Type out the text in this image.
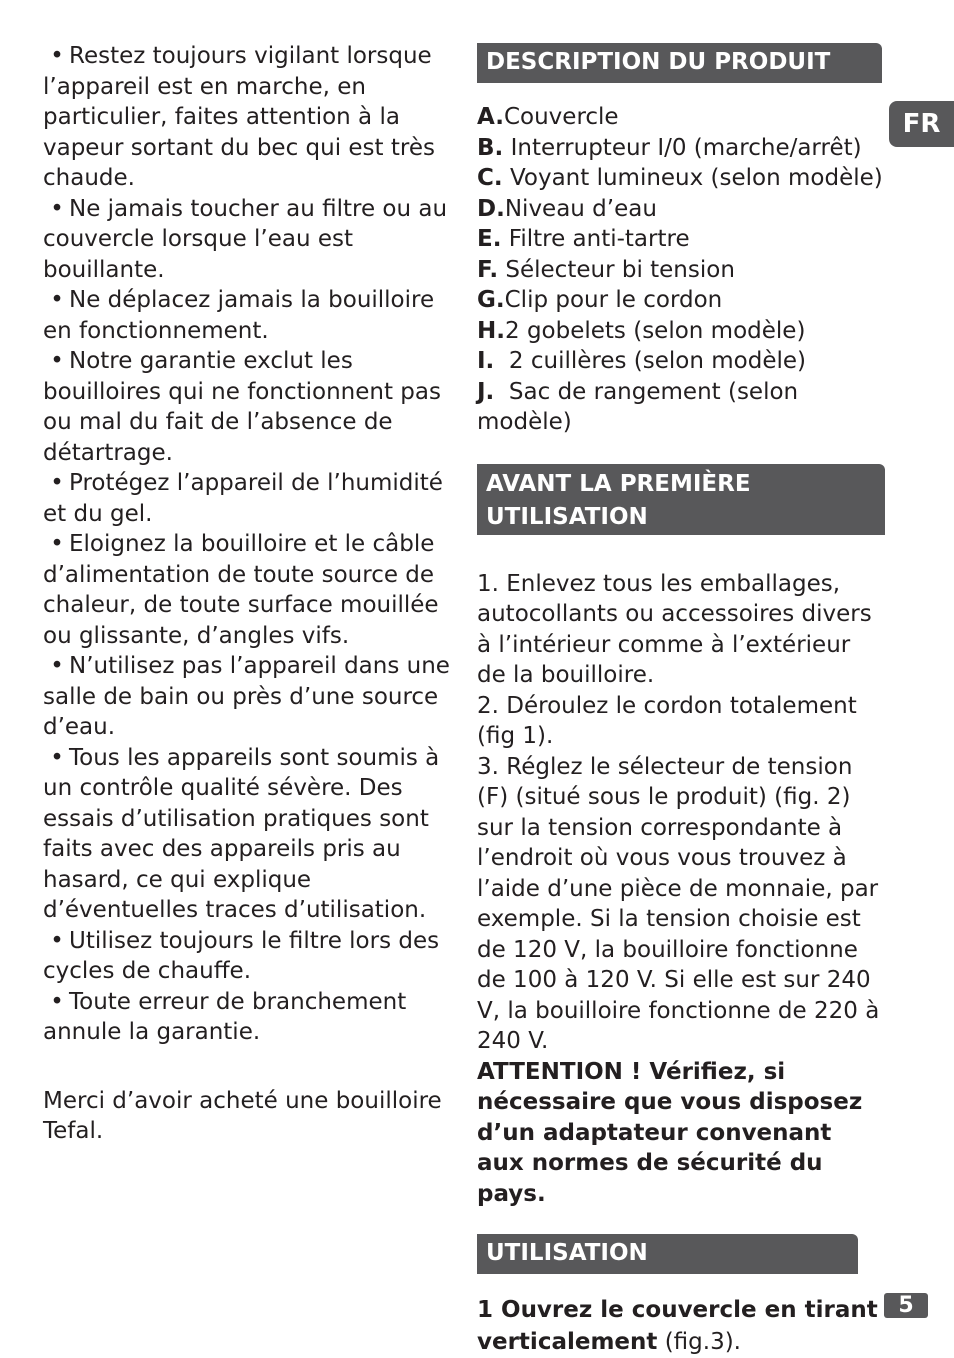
FR
5
• Restez toujours vigilant lorsque l’appareil est en marche, en particulier, faites attention à la vapeur sortant du bec qui est très chaude.
• Ne jamais toucher au filtre ou au couvercle lorsque l’eau est bouillante.
• Ne déplacez jamais la bouilloire en fonctionnement.
• Notre garantie exclut les bouilloires qui ne fonctionnent pas ou mal du fait de l’absence de détartrage.
• Protégez l’appareil de l’humidité et du gel.
• Eloignez la bouilloire et le câble d’alimentation de toute source de chaleur, de toute surface mouillée ou glissante, d’angles vifs.
• N’utilisez pas l’appareil dans une salle de bain ou près d’une source d’eau.
• Tous les appareils sont soumis à un contrôle qualité sévère. Des essais d’utilisation pratiques sont faits avec des appareils pris au hasard, ce qui explique d’éventuelles traces d’utilisation.
• Utilisez toujours le filtre lors des cycles de chauffe.
• Toute erreur de branchement annule la garantie.
Merci d’avoir acheté une bouilloire Tefal.
DESCRIPTION DU PRODUIT
A.Couvercle
B. Interrupteur I/0 (marche/arrêt)
C. Voyant lumineux (selon modèle)
D.Niveau d’eau
E. Filtre anti-tartre
F. Sélecteur bi tension
G.Clip pour le cordon
H.2 gobelets (selon modèle)
I. 2 cuillères (selon modèle)
J. Sac de rangement (selon modèle)
AVANT LA PREMIÈRE
UTILISATION
1. Enlevez tous les emballages, autocollants ou accessoires divers à l’intérieur comme à l’extérieur de la bouilloire.
2. Déroulez le cordon totalement (fig 1).
3. Réglez le sélecteur de tension (F) (situé sous le produit) (fig. 2) sur la tension correspondante à l’endroit où vous vous trouvez à l’aide d’une pièce de monnaie, par exemple. Si la tension choisie est de 120 V, la bouilloire fonctionne de 100 à 120 V. Si elle est sur 240 V, la bouilloire fonctionne de 220 à 240 V.
ATTENTION ! Vérifiez, si nécessaire que vous disposez d’un adaptateur convenant aux normes de sécurité du pays.
UTILISATION
1 Ouvrez le couvercle en tirant verticalement (fig.3).
